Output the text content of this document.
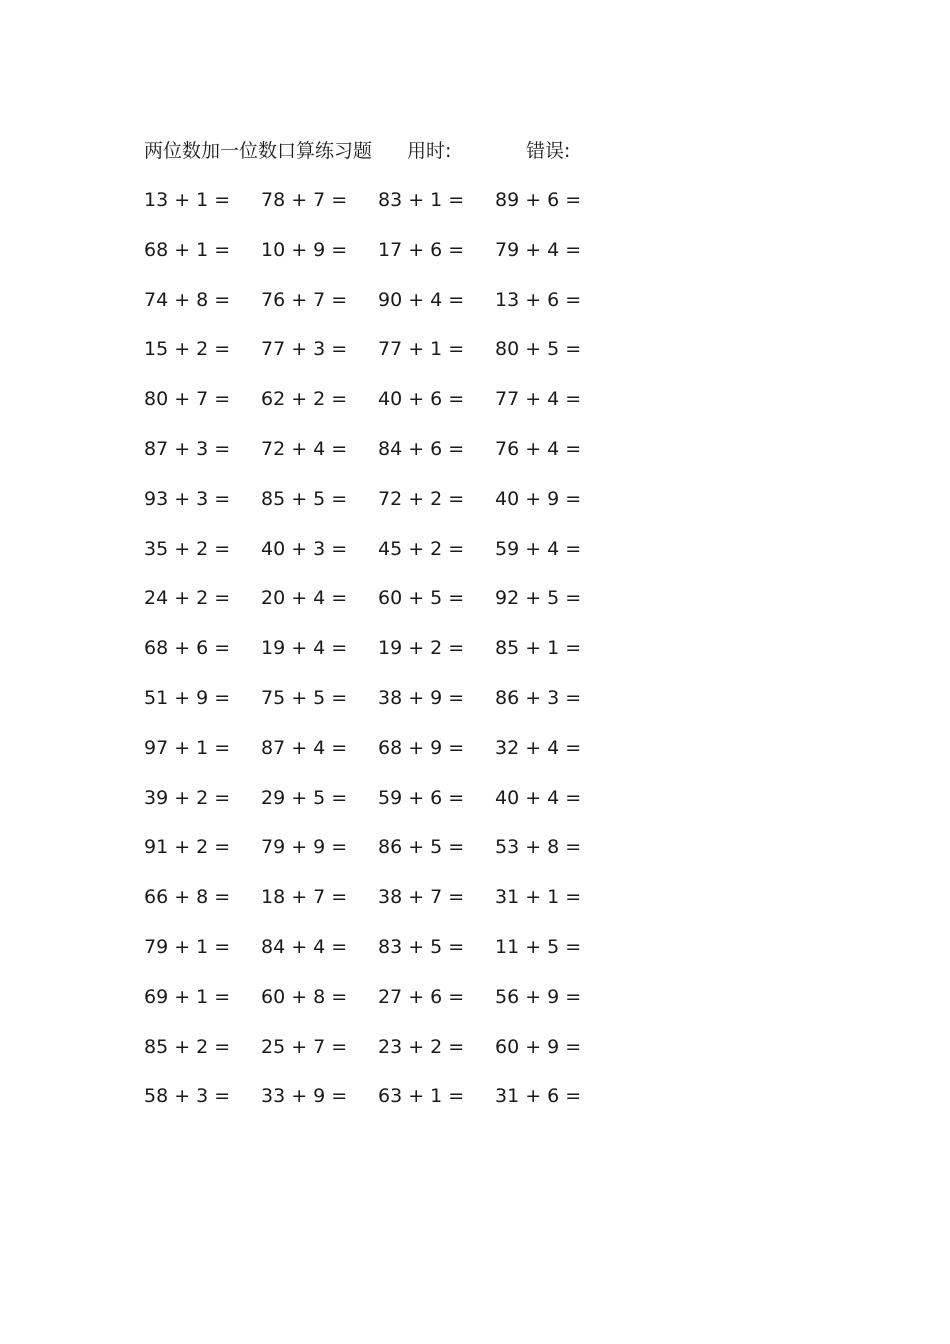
两位数加一位数口算练习题 用时:	错误:
13 + 1 =	78 + 7 =	83 + 1 =	89 + 6 =
68 + 1 =	10 + 9 =	17 + 6 =	79 + 4 =
74 + 8 =	76 + 7 =	90 + 4 =	13 + 6 =
15 + 2 =	77 + 3 =	77 + 1 =	80 + 5 =
80 + 7 =	62 + 2 =	40 + 6 =	77 + 4 =
87 + 3 =	72 + 4 =	84 + 6 =	76 + 4 =
93 + 3 =	85 + 5 =	72 + 2 =	40 + 9 =
35 + 2 =	40 + 3 =	45 + 2 =	59 + 4 =
24 + 2 =	20 + 4 =	60 + 5 =	92 + 5 =
68 + 6 =	19 + 4 =	19 + 2 =	85 + 1 =
51 + 9 =	75 + 5 =	38 + 9 =	86 + 3 =
97 + 1 =	87 + 4 =	68 + 9 =	32 + 4 =
39 + 2 =	29 + 5 =	59 + 6 =	40 + 4 =
91 + 2 =	79 + 9 =	86 + 5 =	53 + 8 =
66 + 8 =	18 + 7 =	38 + 7 =	31 + 1 =
79 + 1 =	84 + 4 =	83 + 5 =	11 + 5 =
69 + 1 =	60 + 8 =	27 + 6 =	56 + 9 =
85 + 2 =	25 + 7 =	23 + 2 =	60 + 9 =
58 + 3 =	33 + 9 =	63 + 1 =	31 + 6 =
